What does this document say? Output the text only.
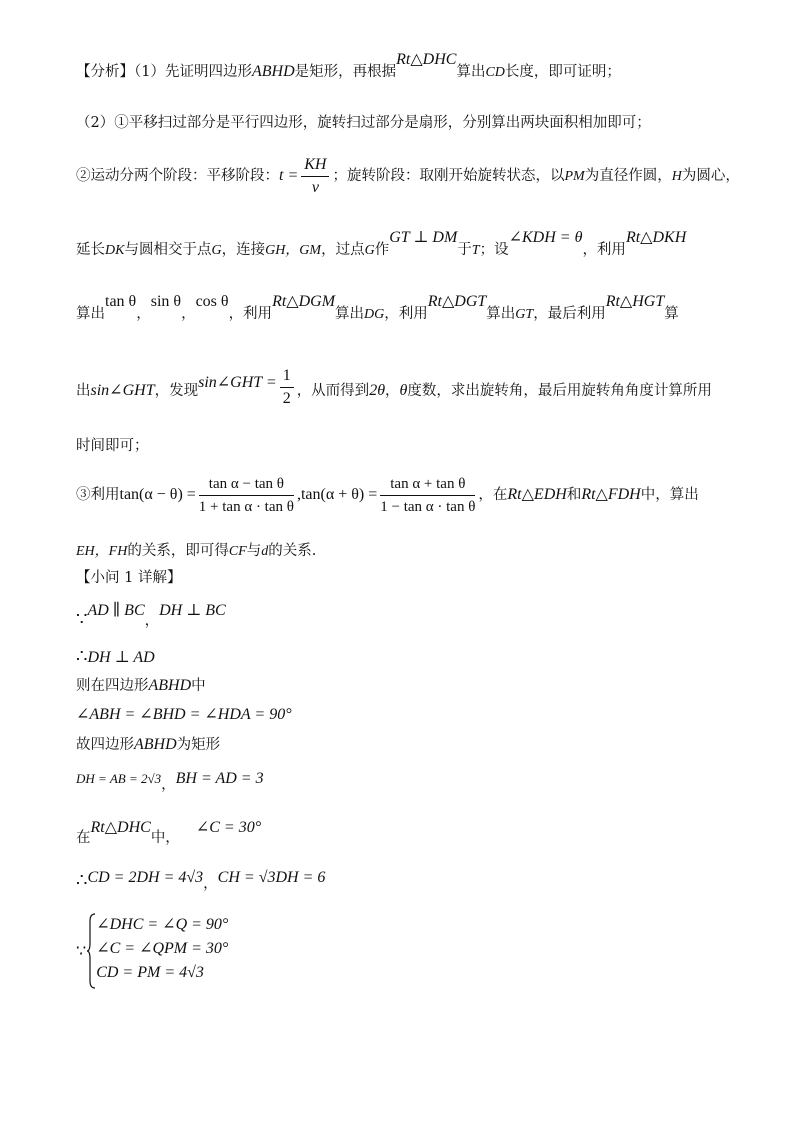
【分析】（1）先证明四边形ABHD是矩形，再根据Rt△DHC算出CD长度，即可证明；
（2）①平移扫过部分是平行四边形，旋转扫过部分是扇形，分别算出两块面积相加即可；
②运动分两个阶段：平移阶段：$t = \frac{KH}{v}$ ；旋转阶段：取刚开始旋转状态，以PM为直径作圆，H为圆心，
延长DK与圆相交于点G，连接GH，GM，过点G作GT ⊥ DM于T；设∠KDH = θ，利用Rt△DKH
算出tan θ，sin θ，cos θ，利用Rt△DGM算出DG，利用Rt△DGT算出GT，最后利用Rt△HGT算
出sin∠GHT，发现sin∠GHT = $\frac{1}{2}$ ，从而得到2θ，θ度数，求出旋转角，最后用旋转角角度计算所用
时间即可；
③利用$\tan(\alpha - \theta) = \frac{\text{tan α − tan θ}}{\text{1 + tan α · tan θ}} ,\tan(\alpha + \theta) = \frac{\text{tan α + tan θ}}{\text{1 − tan α · tan θ}}$ ，在Rt△EDH和Rt△FDH中，算出
EH，FH的关系，即可得CF与d的关系.
【小问 1 详解】
∵AD ∥ BC，DH ⊥ BC
∴DH ⊥ AD
则在四边形ABHD中
∠ABH = ∠BHD = ∠HDA = 90°
故四边形ABHD为矩形
DH = AB = 2√3，BH = AD = 3
在Rt△DHC中，∠C = 30°
∴CD = 2DH = 4√3，CH = √3DH = 6
∵
∠DHC = ∠Q = 90°
∠C = ∠QPM = 30°
CD = PM = 4√3
